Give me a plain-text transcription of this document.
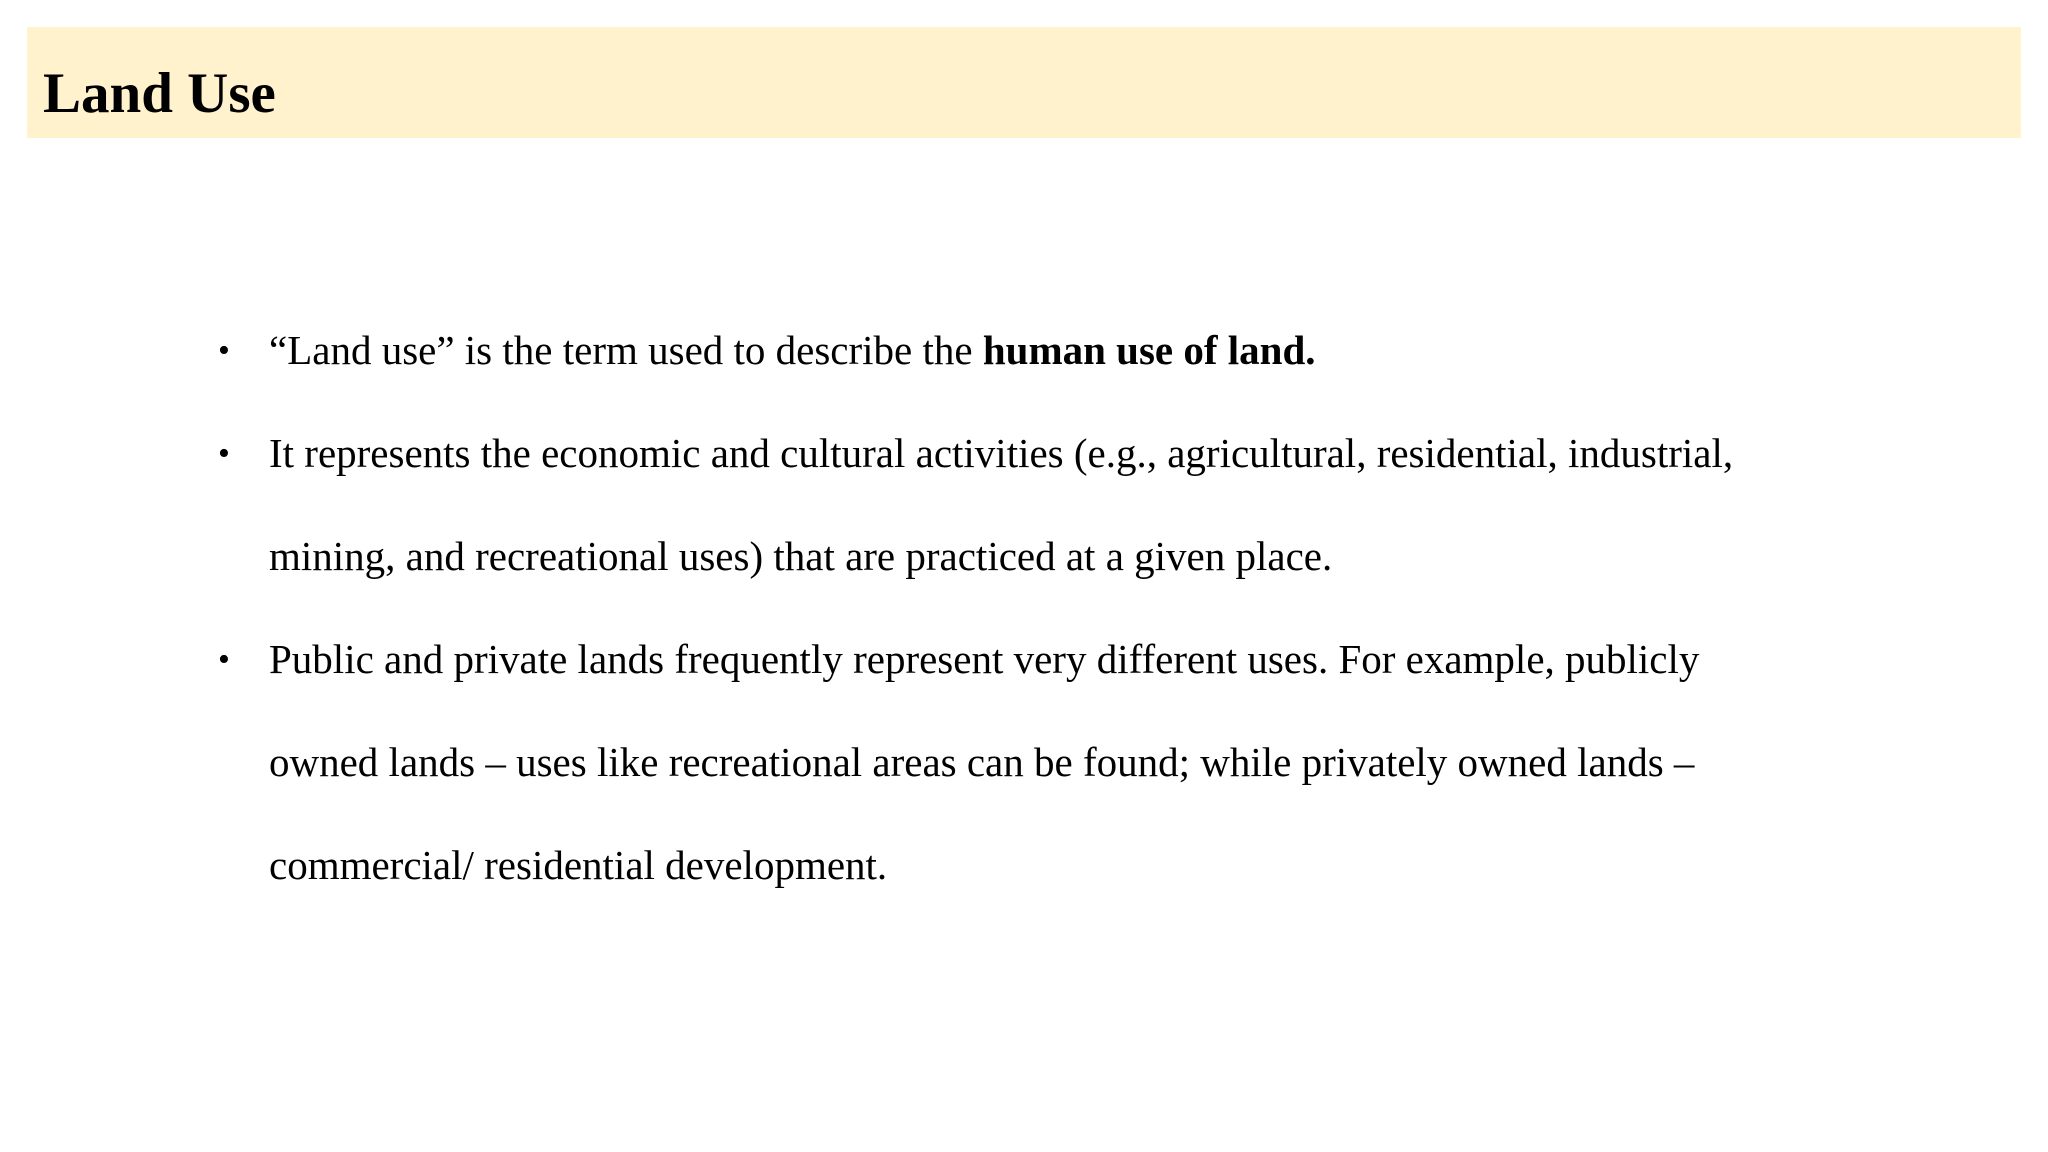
Land Use
• “Land use” is the term used to describe the human use of land.
• It represents the economic and cultural activities (e.g., agricultural, residential, industrial,
mining, and recreational uses) that are practiced at a given place.
• Public and private lands frequently represent very different uses. For example, publicly
owned lands – uses like recreational areas can be found; while privately owned lands –
commercial/ residential development.
